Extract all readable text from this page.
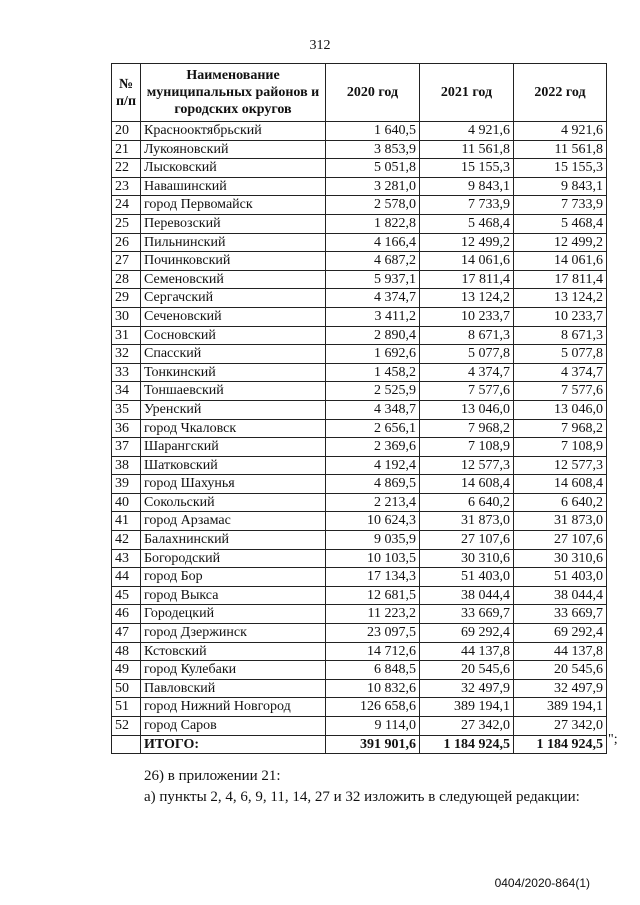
312
№ п/п	Наименование муниципальных районов и городских округов	2020 год	2021 год	2022 год
20	Краснооктябрьский	1 640,5	4 921,6	4 921,6
21	Лукояновский	3 853,9	11 561,8	11 561,8
22	Лысковский	5 051,8	15 155,3	15 155,3
23	Навашинский	3 281,0	9 843,1	9 843,1
24	город Первомайск	2 578,0	7 733,9	7 733,9
25	Перевозский	1 822,8	5 468,4	5 468,4
26	Пильнинский	4 166,4	12 499,2	12 499,2
27	Починковский	4 687,2	14 061,6	14 061,6
28	Семеновский	5 937,1	17 811,4	17 811,4
29	Сергачский	4 374,7	13 124,2	13 124,2
30	Сеченовский	3 411,2	10 233,7	10 233,7
31	Сосновский	2 890,4	8 671,3	8 671,3
32	Спасский	1 692,6	5 077,8	5 077,8
33	Тонкинский	1 458,2	4 374,7	4 374,7
34	Тоншаевский	2 525,9	7 577,6	7 577,6
35	Уренский	4 348,7	13 046,0	13 046,0
36	город Чкаловск	2 656,1	7 968,2	7 968,2
37	Шарангский	2 369,6	7 108,9	7 108,9
38	Шатковский	4 192,4	12 577,3	12 577,3
39	город Шахунья	4 869,5	14 608,4	14 608,4
40	Сокольский	2 213,4	6 640,2	6 640,2
41	город Арзамас	10 624,3	31 873,0	31 873,0
42	Балахнинский	9 035,9	27 107,6	27 107,6
43	Богородский	10 103,5	30 310,6	30 310,6
44	город Бор	17 134,3	51 403,0	51 403,0
45	город Выкса	12 681,5	38 044,4	38 044,4
46	Городецкий	11 223,2	33 669,7	33 669,7
47	город Дзержинск	23 097,5	69 292,4	69 292,4
48	Кстовский	14 712,6	44 137,8	44 137,8
49	город Кулебаки	6 848,5	20 545,6	20 545,6
50	Павловский	10 832,6	32 497,9	32 497,9
51	город Нижний Новгород	126 658,6	389 194,1	389 194,1
52	город Саров	9 114,0	27 342,0	27 342,0
	ИТОГО:	391 901,6	1 184 924,5	1 184 924,5 ";
26) в приложении 21:
а) пункты 2, 4, 6, 9, 11, 14, 27 и 32 изложить в следующей редакции:
0404/2020-864(1)
